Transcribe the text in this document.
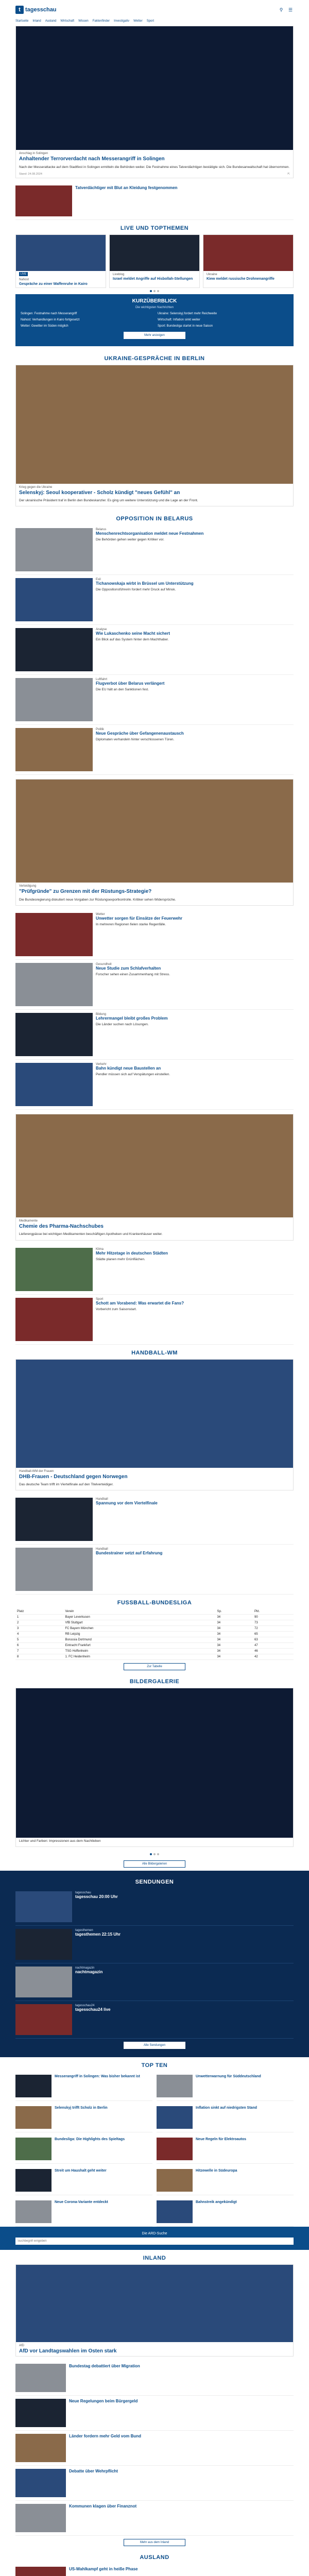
t tagesschau	⚲	☰
Startseite Inland Ausland Wirtschaft Wissen Faktenfinder Investigativ Wetter Sport
Anschlag in Solingen
Anhaltender Terrorverdacht nach Messerangriff in Solingen
Nach der Messerattacke auf dem Stadtfest in Solingen ermitteln die Behörden weiter. Die Festnahme eines Tatverdächtigen bestätigte sich. Die Bundesanwaltschaft hat übernommen.
Stand: 24.08.2024	⇱
Tatverdächtiger mit Blut an Kleidung festgenommen
LIVE UND TOPTHEMEN
LIVE
Nahost
Gespräche zu einer Waffenruhe in Kairo
Liveblog
Israel meldet Angriffe auf Hisbollah-Stellungen
Ukraine
Kiew meldet russische Drohnenangriffe
KURZÜBERBLICK
Die wichtigsten Nachrichten
Solingen: Festnahme nach Messerangriff	Ukraine: Selenskyj fordert mehr Reichweite
Nahost: Verhandlungen in Kairo fortgesetzt	Wirtschaft: Inflation sinkt weiter
Wetter: Gewitter im Süden möglich	Sport: Bundesliga startet in neue Saison
Mehr anzeigen
UKRAINE-GESPRÄCHE IN BERLIN
Krieg gegen die Ukraine
Selenskyj: Seoul kooperativer - Scholz kündigt "neues Gefühl" an
Der ukrainische Präsident traf in Berlin den Bundeskanzler. Es ging um weitere Unterstützung und die Lage an der Front.
OPPOSITION IN BELARUS
Belarus
Menschenrechtsorganisation meldet neue Festnahmen
Die Behörden gehen weiter gegen Kritiker vor.
Exil
Tichanowskaja wirbt in Brüssel um Unterstützung
Die Oppositionsführerin fordert mehr Druck auf Minsk.
Analyse
Wie Lukaschenko seine Macht sichert
Ein Blick auf das System hinter dem Machthaber.
Luftfahrt
Flugverbot über Belarus verlängert
Die EU hält an den Sanktionen fest.
Politik
Neue Gespräche über Gefangenenaustausch
Diplomaten verhandeln hinter verschlossenen Türen.
Verteidigung
"Prüfgründe" zu Grenzen mit der Rüstungs-Strategie?
Die Bundesregierung diskutiert neue Vorgaben zur Rüstungsexportkontrolle. Kritiker sehen Widersprüche.
Wetter
Unwetter sorgen für Einsätze der Feuerwehr
In mehreren Regionen fielen starke Regenfälle.
Gesundheit
Neue Studie zum Schlafverhalten
Forscher sehen einen Zusammenhang mit Stress.
Bildung
Lehrermangel bleibt großes Problem
Die Länder suchen nach Lösungen.
Verkehr
Bahn kündigt neue Baustellen an
Pendler müssen sich auf Verspätungen einstellen.
Medikamente
Chemie des Pharma-Nachschubes
Lieferengpässe bei wichtigen Medikamenten beschäftigen Apotheken und Krankenhäuser weiter.
Klima
Mehr Hitzetage in deutschen Städten
Städte planen mehr Grünflächen.
Sport
Schott am Vorabend: Was erwartet die Fans?
Vorbericht zum Saisonstart.
HANDBALL-WM
Handball-WM der Frauen
DHB-Frauen - Deutschland gegen Norwegen
Das deutsche Team trifft im Viertelfinale auf den Titelverteidiger.
Handball
Spannung vor dem Viertelfinale
Handball
Bundestrainer setzt auf Erfahrung
FUSSBALL-BUNDESLIGA
Platz	Verein	Sp.	Pkt.
1	Bayer Leverkusen	34	90
2	VfB Stuttgart	34	73
3	FC Bayern München	34	72
4	RB Leipzig	34	65
5	Borussia Dortmund	34	63
6	Eintracht Frankfurt	34	47
7	TSG Hoffenheim	34	46
8	1. FC Heidenheim	34	42
Zur Tabelle
BILDERGALERIE
Lichter und Farben: Impressionen aus dem Nachtleben
Alle Bildergalerien
SENDUNGEN
tagesschau
tagesschau 20:00 Uhr
tagesthemen
tagesthemen 22:15 Uhr
nachtmagazin
nachtmagazin
tagesschau24
tagesschau24 live
Alle Sendungen
TOP TEN
Messerangriff in Solingen: Was bisher bekannt ist	Unwetterwarnung für Süddeutschland
Selenskyj trifft Scholz in Berlin	Inflation sinkt auf niedrigsten Stand
Bundesliga: Die Highlights des Spieltags	Neue Regeln für Elektroautos
Streit um Haushalt geht weiter	Hitzewelle in Südeuropa
Neue Corona-Variante entdeckt	Bahnstreik angekündigt
Die ARD-Suche
Suchbegriff eingeben
INLAND
AfD
AfD vor Landtagswahlen im Osten stark
Bundestag debattiert über Migration
Neue Regelungen beim Bürgergeld
Länder fordern mehr Geld vom Bund
Debatte über Wehrpflicht
Kommunen klagen über Finanznot
Mehr aus dem Inland
AUSLAND
US-Wahlkampf geht in heiße Phase
